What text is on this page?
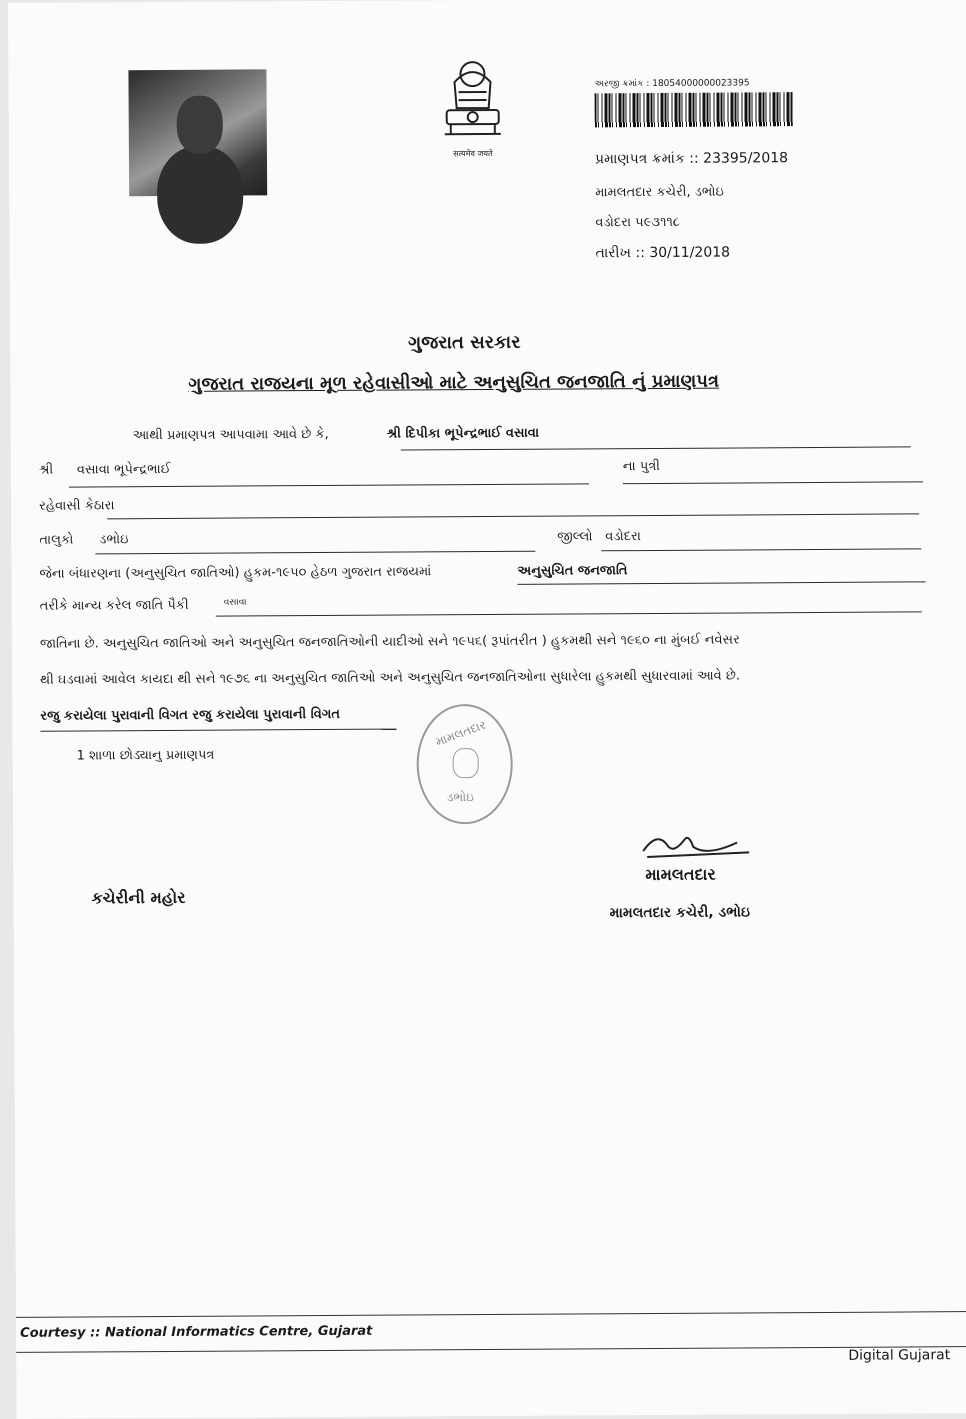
सत्यमेव जयते
અરજી ક્રમાંક : 18054000000023395
પ્રમાણપત્ર ક્રમાંક :: 23395/2018
મામલતદાર કચેરી, ડભોઇ
વડોદરા ૫૯૩૧૧૮
તારીખ :: 30/11/2018
ગુજરાત સરકાર
ગુજરાત રાજયના મૂળ રહેવાસીઓ માટે અનુસુચિત જનજાતિ નું પ્રમાણપત્ર
આથી પ્રમાણપત્ર આપવામા આવે છે કે,	શ્રી દિપીકા ભૂપેન્દ્રભાઈ વસાવા
શ્રી વસાવા ભૂપેન્દ્રભાઈ	ના પુત્રી
રહેવાસી કેઠારા
તાલુકો ડભોઇ	જીલ્લો વડોદરા
જેના બંધારણના (અનુસુચિત જાતિઓ) હુકમ-૧૯૫૦ હેઠળ ગુજરાત રાજયમાં	અનુસુચિત જનજાતિ
તરીકે માન્ય કરેલ જાતિ પૈકી	વસાવા
જાતિના છે. અનુસુચિત જાતિઓ અને અનુસુચિત જનજાતિઓની યાદીઓ સને ૧૯૫૬( રૂપાંતરીત ) હુકમથી સને ૧૯૬૦ ના મુંબઈ નવેસર
થી ઘડવામાં આવેલ કાયદા થી સને ૧૯૭૬ ના અનુસુચિત જાતિઓ અને અનુસુચિત જનજાતિઓના સુધારેલા હુકમથી સુધારવામાં આવે છે.
રજુ કરાયેલા પુરાવાની વિગત રજુ કરાયેલા પુરાવાની વિગત
1 શાળા છોડ્યાનુ પ્રમાણપત્ર
મામલતદાર
ડભોઇ
મામલતદાર
મામલતદાર કચેરી, ડભોઇ
કચેરીની મહોર
Courtesy :: National Informatics Centre, Gujarat
Digital Gujarat
